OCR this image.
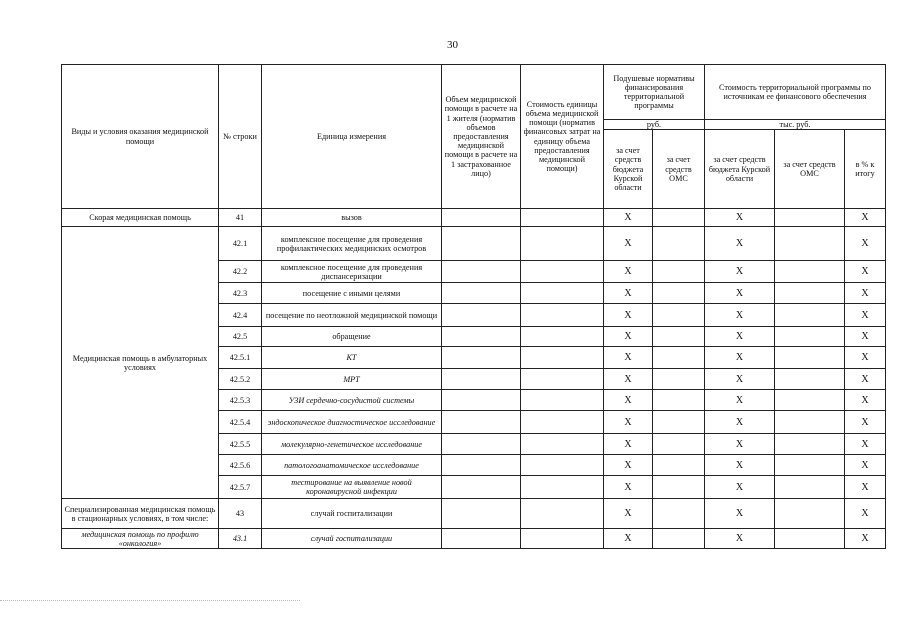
30
Виды и условия оказания медицинской помощи	№ строки	Единица измерения	Объем медицинской помощи в расчете на 1 жителя (норматив объемов предоставления медицинской помощи в расчете на 1 застрахованное лицо)	Стоимость единицы объема медицинской помощи (норматив финансовых затрат на единицу объема предоставления медицинской помощи)	Подушевые нормативы финансирования территориальной программы		Стоимость территориальной программы по источникам ее финансового обеспечения		
					руб.		тыс. руб.		
					за счет средств бюджета Курской области	за счет средств ОМС	за счет средств бюджета Курской области	за счет средств ОМС	в % к итогу
Скорая медицинская помощь	41	вызов			X		X		X
Медицинская помощь в амбулаторных условиях	42.1	комплексное посещение для проведения профилактических медицинских осмотров			X		X		X
	42.2	комплексное посещение для проведения диспансеризации			X		X		X
	42.3	посещение с иными целями			X		X		X
	42.4	посещение по неотложной медицинской помощи			X		X		X
	42.5	обращение			X		X		X
	42.5.1	КТ			X		X		X
	42.5.2	МРТ			X		X		X
	42.5.3	УЗИ сердечно-сосудистой системы			X		X		X
	42.5.4	эндоскопическое диагностическое исследование			X		X		X
	42.5.5	молекулярно-генетическое исследование			X		X		X
	42.5.6	патологоанатомическое исследование			X		X		X
	42.5.7	тестирование на выявление новой коронавирусной инфекции			X		X		X
Специализированная медицинская помощь в стационарных условиях, в том числе:	43	случай госпитализации			X		X		X
медицинская помощь по профилю «онкология»	43.1	случай госпитализации			X		X		X
